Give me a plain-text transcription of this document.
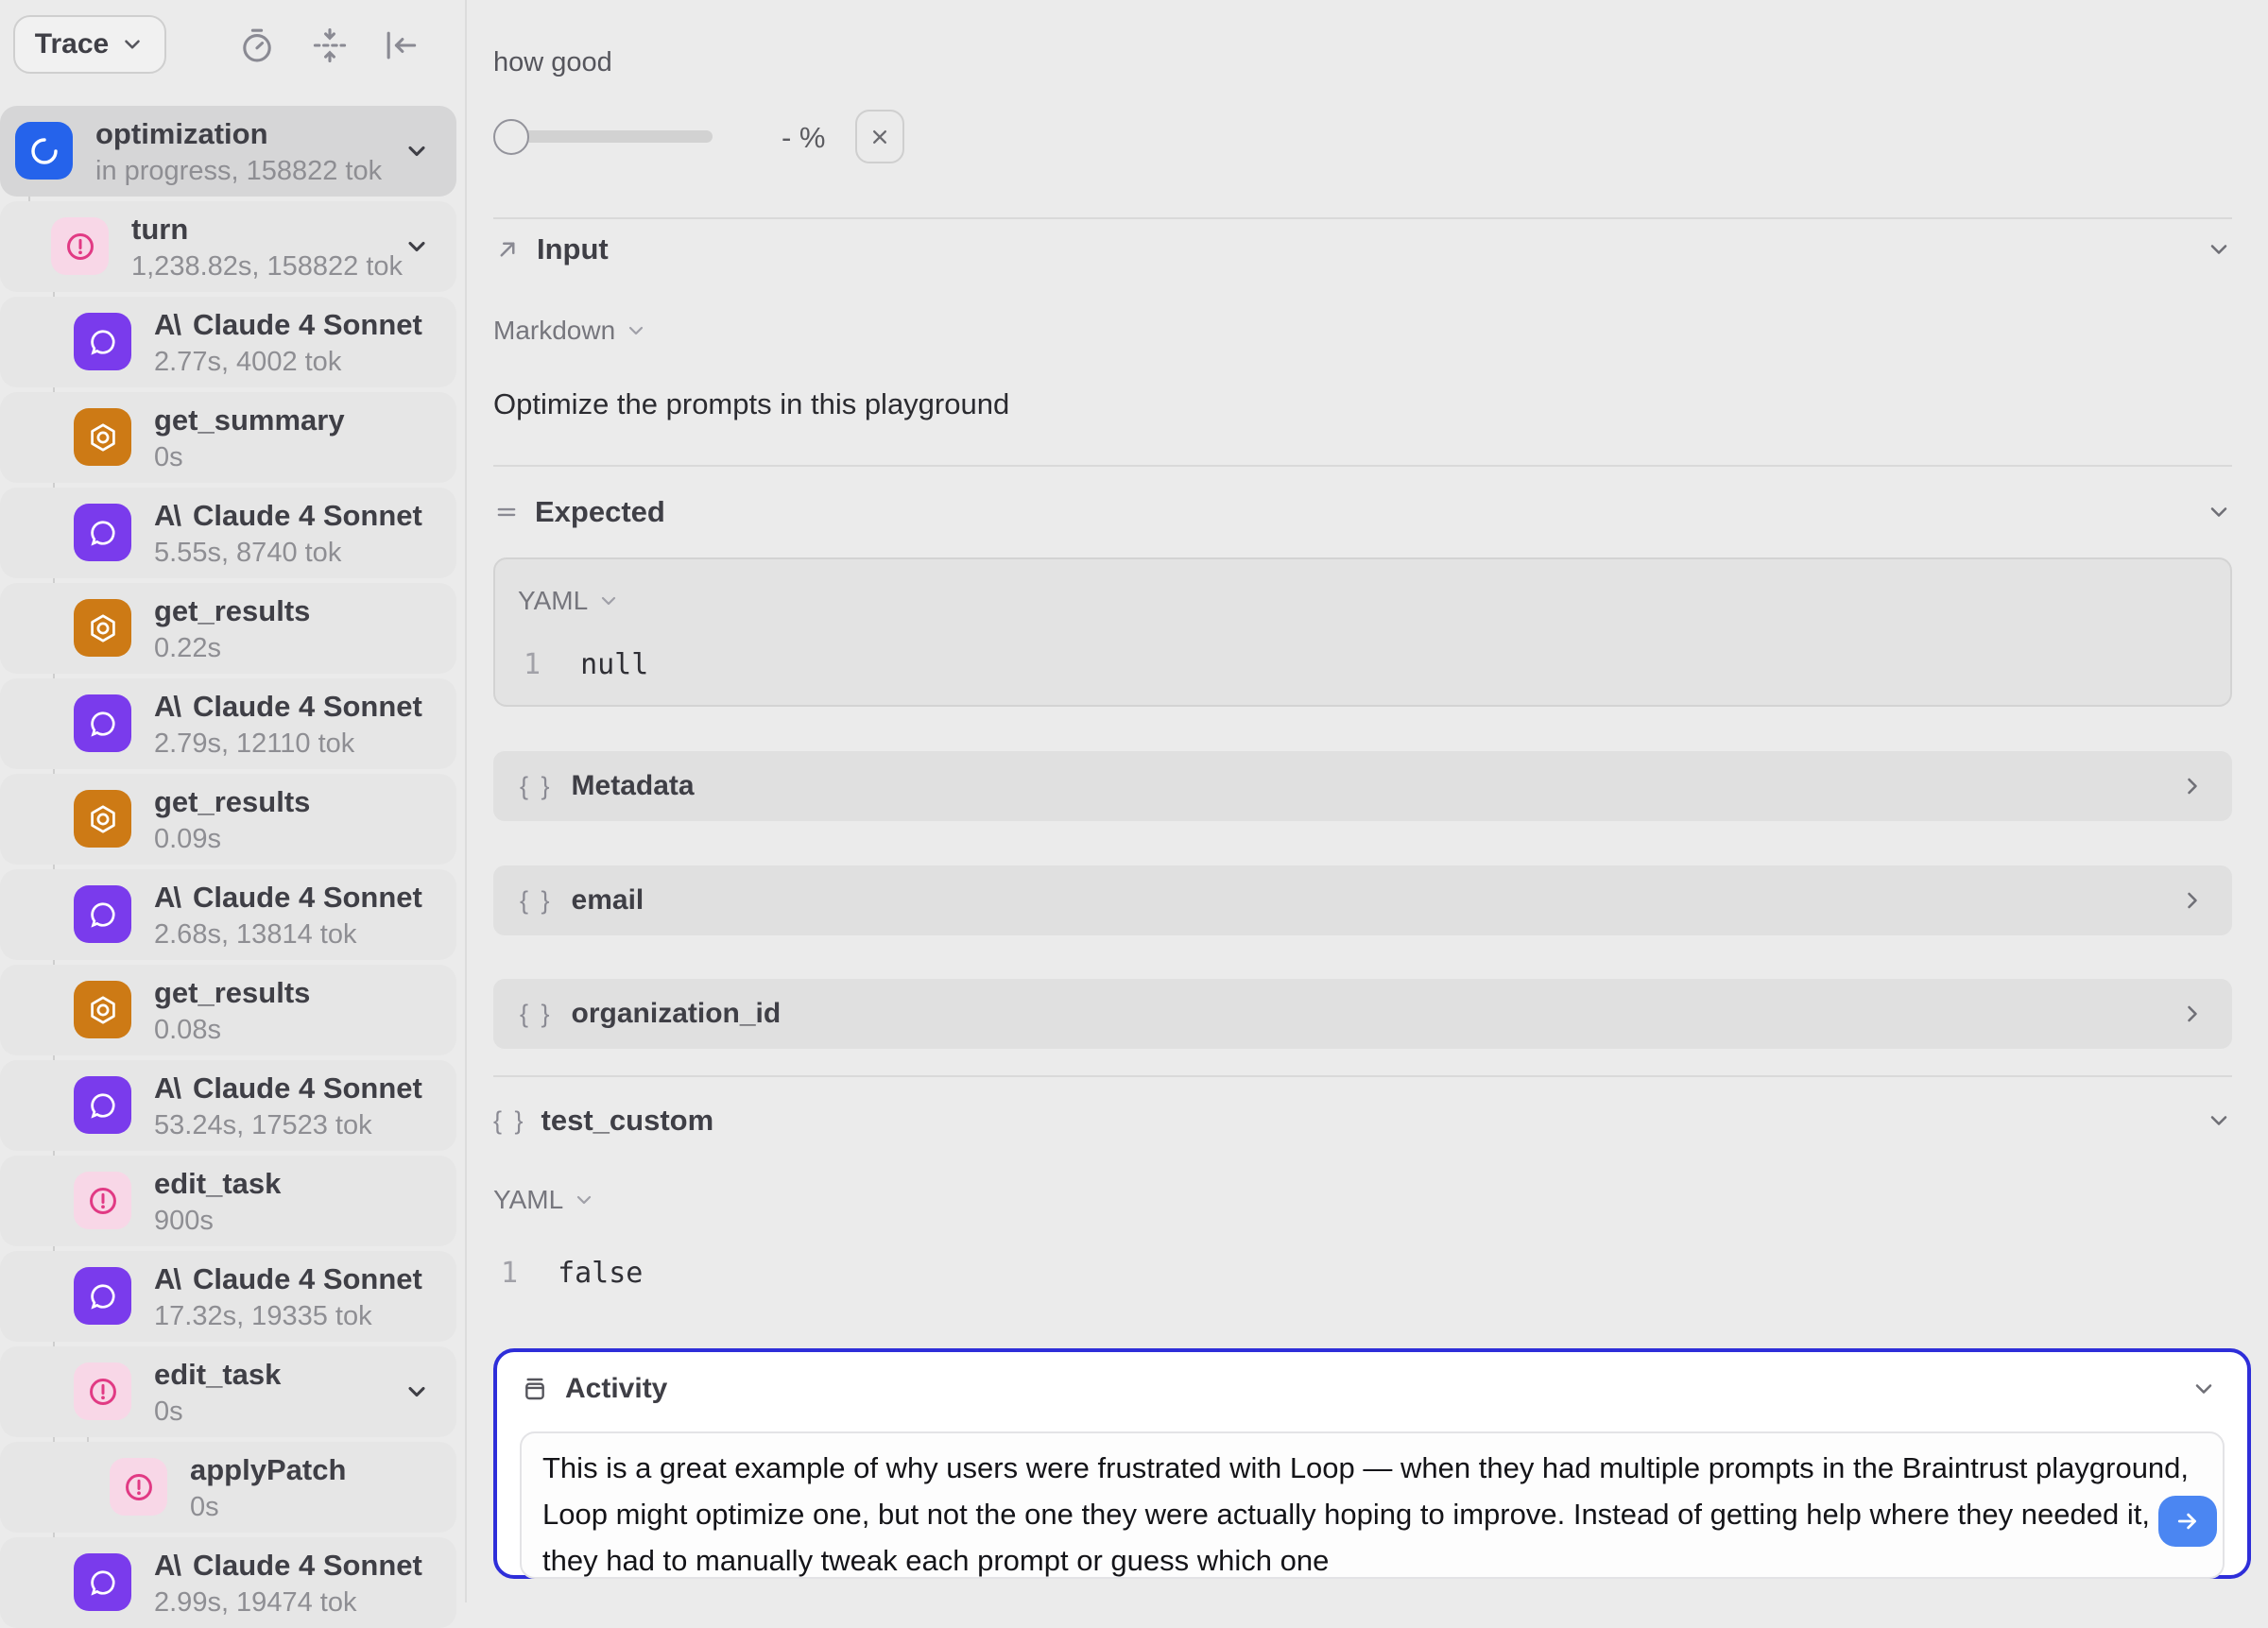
Trace
optimization
in progress, 158822 tok
turn
1,238.82s, 158822 tok
A\ Claude 4 Sonnet
2.77s, 4002 tok
get_summary
0s
A\ Claude 4 Sonnet
5.55s, 8740 tok
get_results
0.22s
A\ Claude 4 Sonnet
2.79s, 12110 tok
get_results
0.09s
A\ Claude 4 Sonnet
2.68s, 13814 tok
get_results
0.08s
A\ Claude 4 Sonnet
53.24s, 17523 tok
edit_task
900s
A\ Claude 4 Sonnet
17.32s, 19335 tok
edit_task
0s
applyPatch
0s
A\ Claude 4 Sonnet
2.99s, 19474 tok
how good
- %
Input
Markdown
Optimize the prompts in this playground
Expected
YAML
1 null
{ } Metadata
{ } email
{ } organization_id
{ } test_custom
YAML
1 false
Activity
This is a great example of why users were frustrated with Loop — when they had multiple prompts in the Braintrust playground, Loop might optimize one, but not the one they were actually hoping to improve. Instead of getting help where they needed it, they had to manually tweak each prompt or guess which one
